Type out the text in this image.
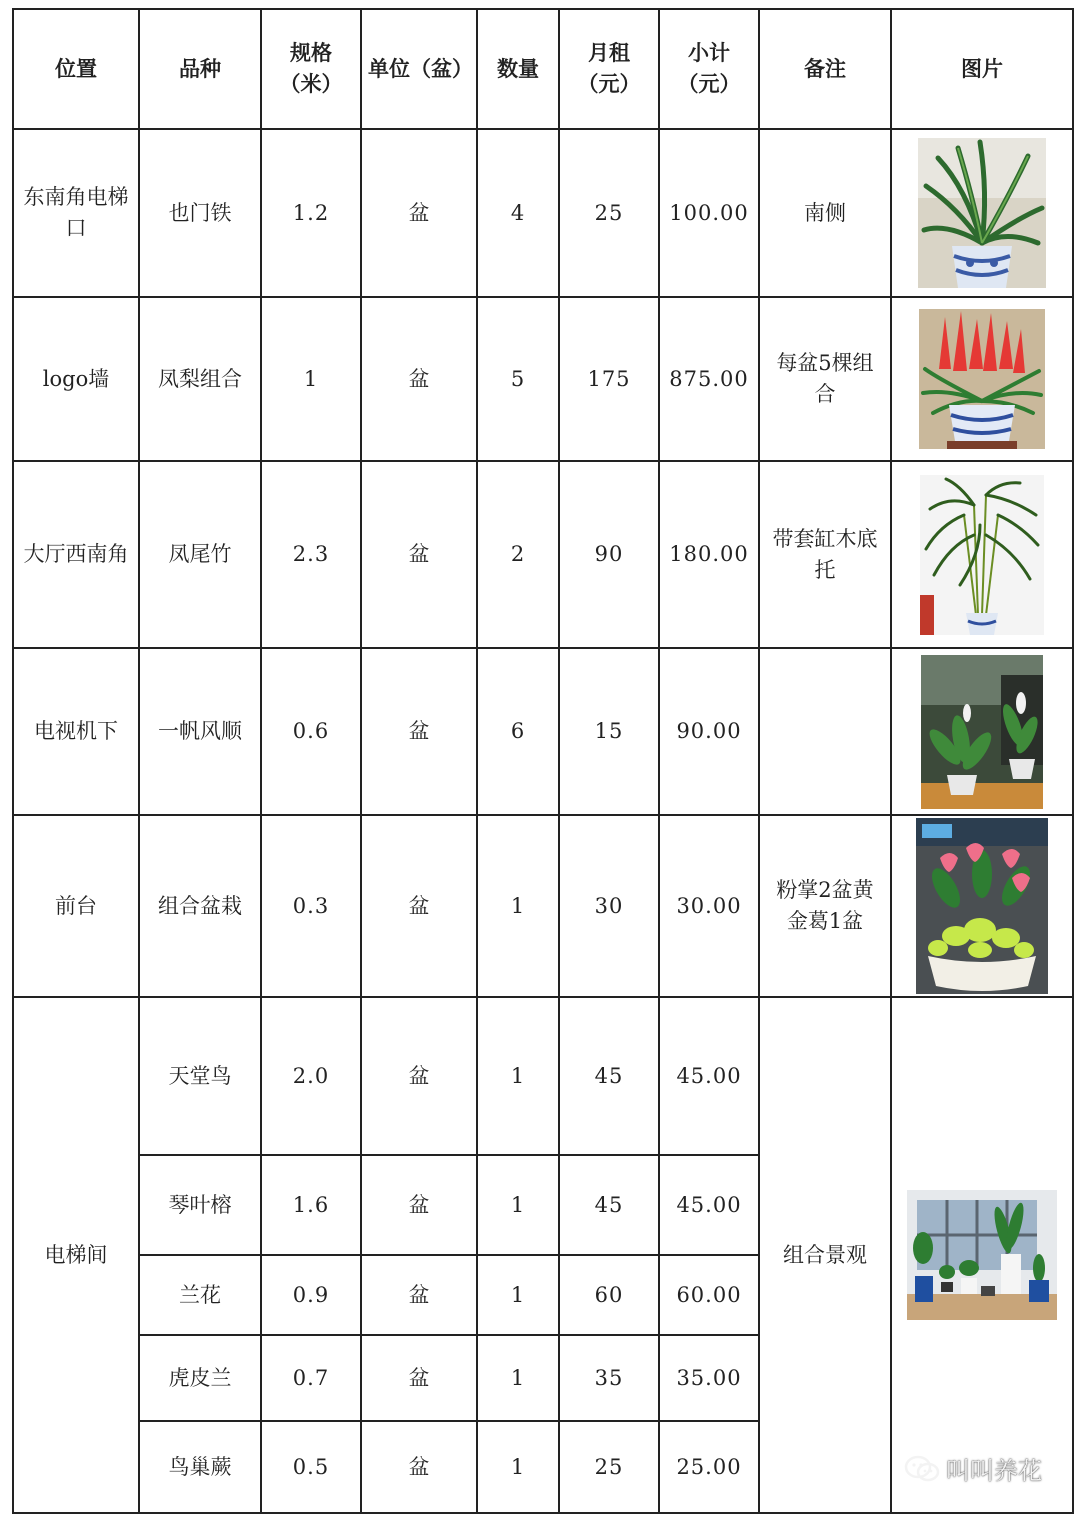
位置	品种	规格（米）	单位（盆）	数量	月租（元）	小计（元）	备注	图片
东南角电梯口	也门铁	1.2	盆	4	25	100.00	南侧	

logo墙	凤梨组合	1	盆	5	175	875.00	每盆5棵组合	

大厅西南角	凤尾竹	2.3	盆	2	90	180.00	带套缸木底托	

电视机下	一帆风顺	0.6	盆	6	15	90.00		

前台	组合盆栽	0.3	盆	1	30	30.00	粉掌2盆黄金葛1盆	

电梯间	天堂鸟	2.0	盆	1	45	45.00	组合景观	

	琴叶榕	1.6	盆	1	45	45.00		
	兰花	0.9	盆	1	60	60.00		
	虎皮兰	0.7	盆	1	35	35.00		
	鸟巢蕨	0.5	盆	1	25	25.00			叫叫养花
